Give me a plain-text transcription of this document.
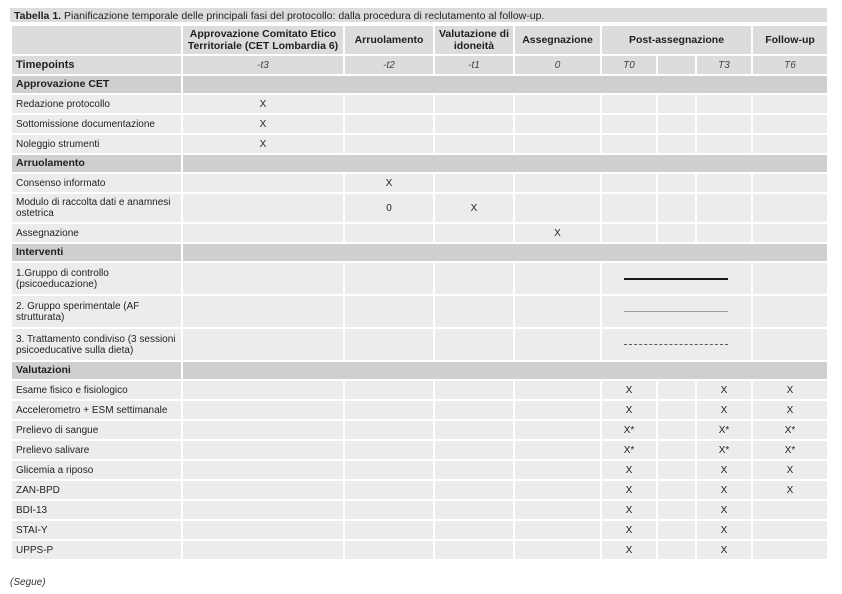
Tabella 1. Pianificazione temporale delle principali fasi del protocollo: dalla procedura di reclutamento al follow-up.
	Approvazione Comitato Etico Territoriale (CET Lombardia 6)	Arruolamento	Valutazione di idoneità	Assegnazione	Post-assegnazione			Follow-up
Timepoints	-t3	-t2	-t1	0	T0		T3	T6
Approvazione CET								
Redazione protocollo	X							
Sottomissione documentazione	X							
Noleggio strumenti	X							
Arruolamento								
Consenso informato		X						
Modulo di raccolta dati e anamnesi ostetrica		0	X					
Assegnazione				X				
Interventi								
1.Gruppo di controllo (psicoeducazione)							

2. Gruppo sperimentale (AF strutturata)							

3. Trattamento condiviso (3 sessioni psicoeducative sulla dieta)							

Valutazioni								
Esame fisico e fisiologico					X		X	X
Accelerometro + ESM settimanale					X		X	X
Prelievo di sangue					X*		X*	X*
Prelievo salivare					X*		X*	X*
Glicemia a riposo					X		X	X
ZAN-BPD					X		X	X
BDI-13					X		X	
STAI-Y					X		X	
UPPS-P					X		X	
(Segue)
